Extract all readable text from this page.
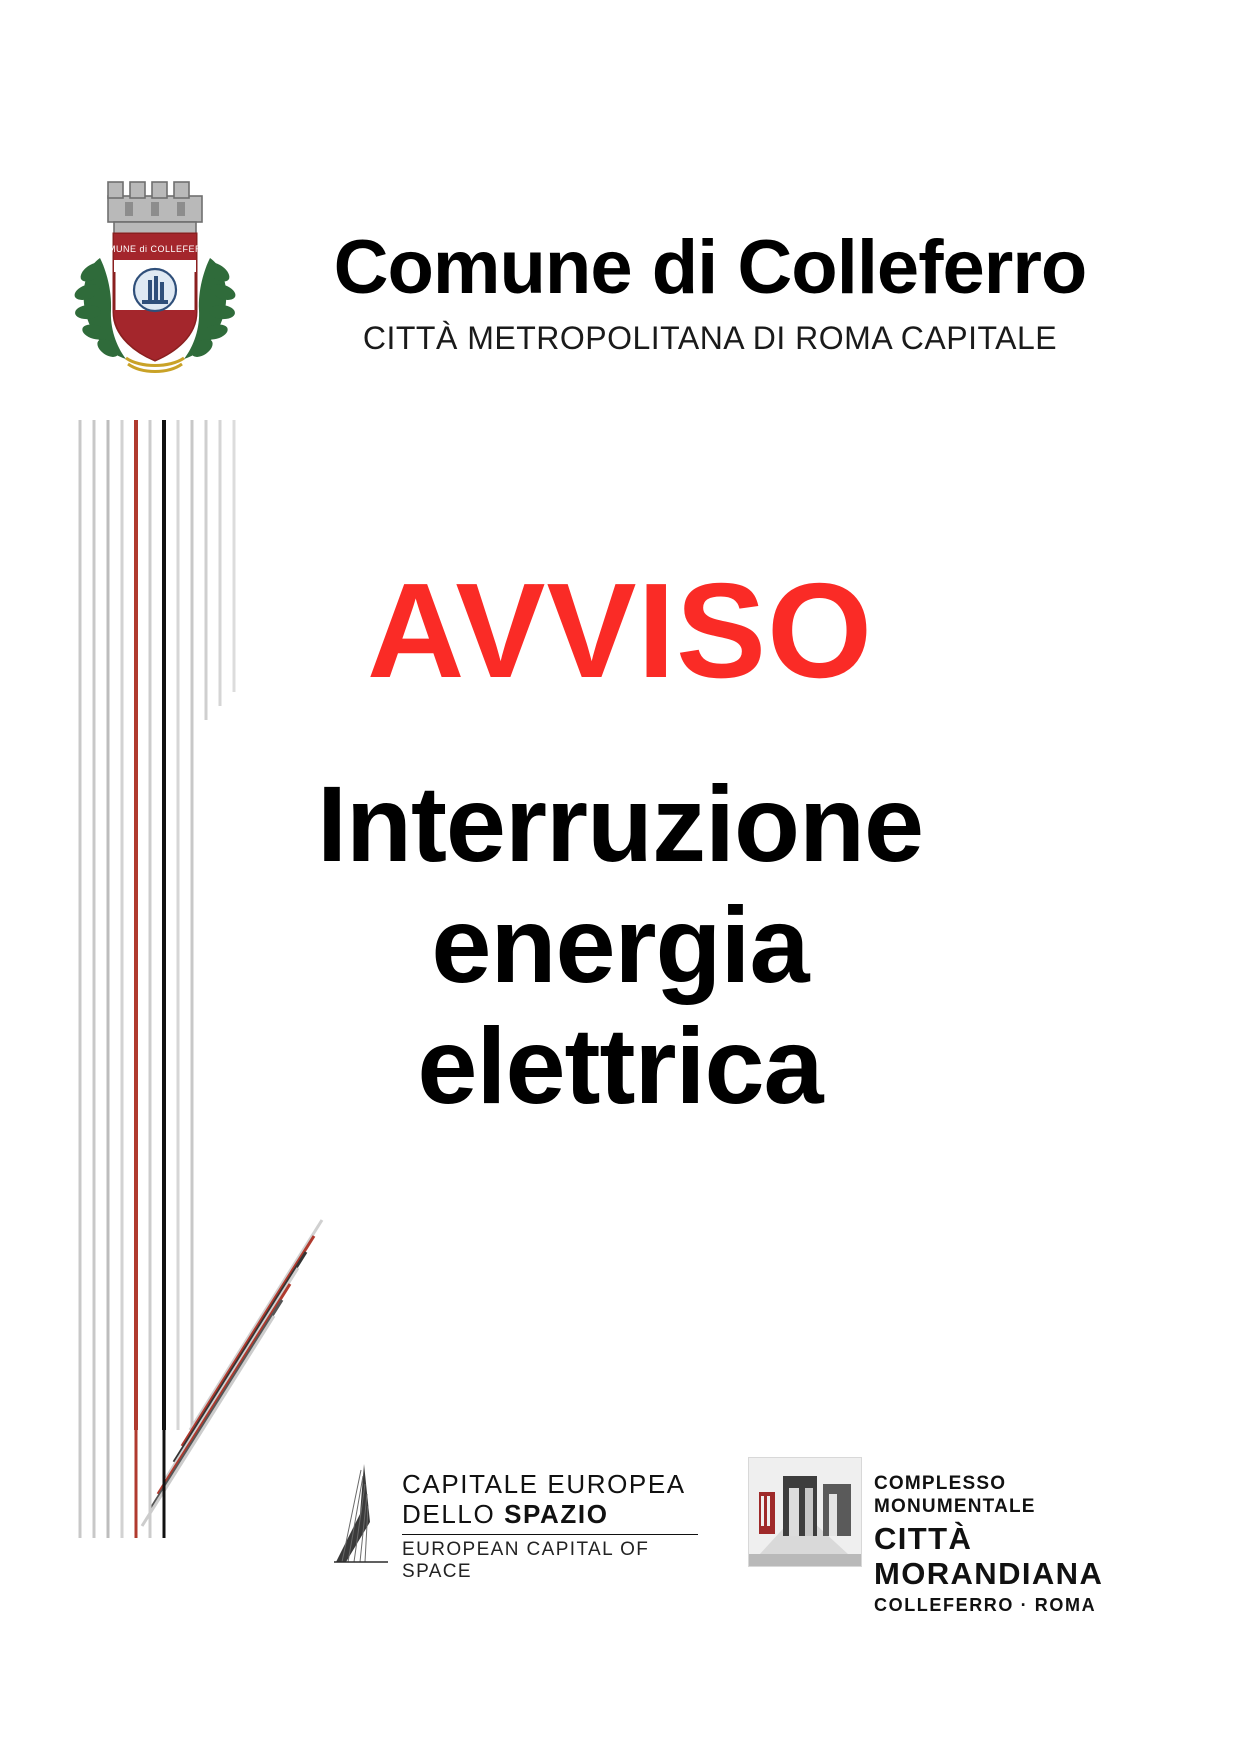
COMUNE di COLLEFERRO	Comune di Colleferro
CITTÀ METROPOLITANA DI ROMA CAPITALE
AVVISO
Interruzione
energia
elettrica
CAPITALE EUROPEA
DELLO SPAZIO
EUROPEAN CAPITAL OF SPACE
COMPLESSO MONUMENTALE
CITTÀ MORANDIANA
COLLEFERRO · ROMA
